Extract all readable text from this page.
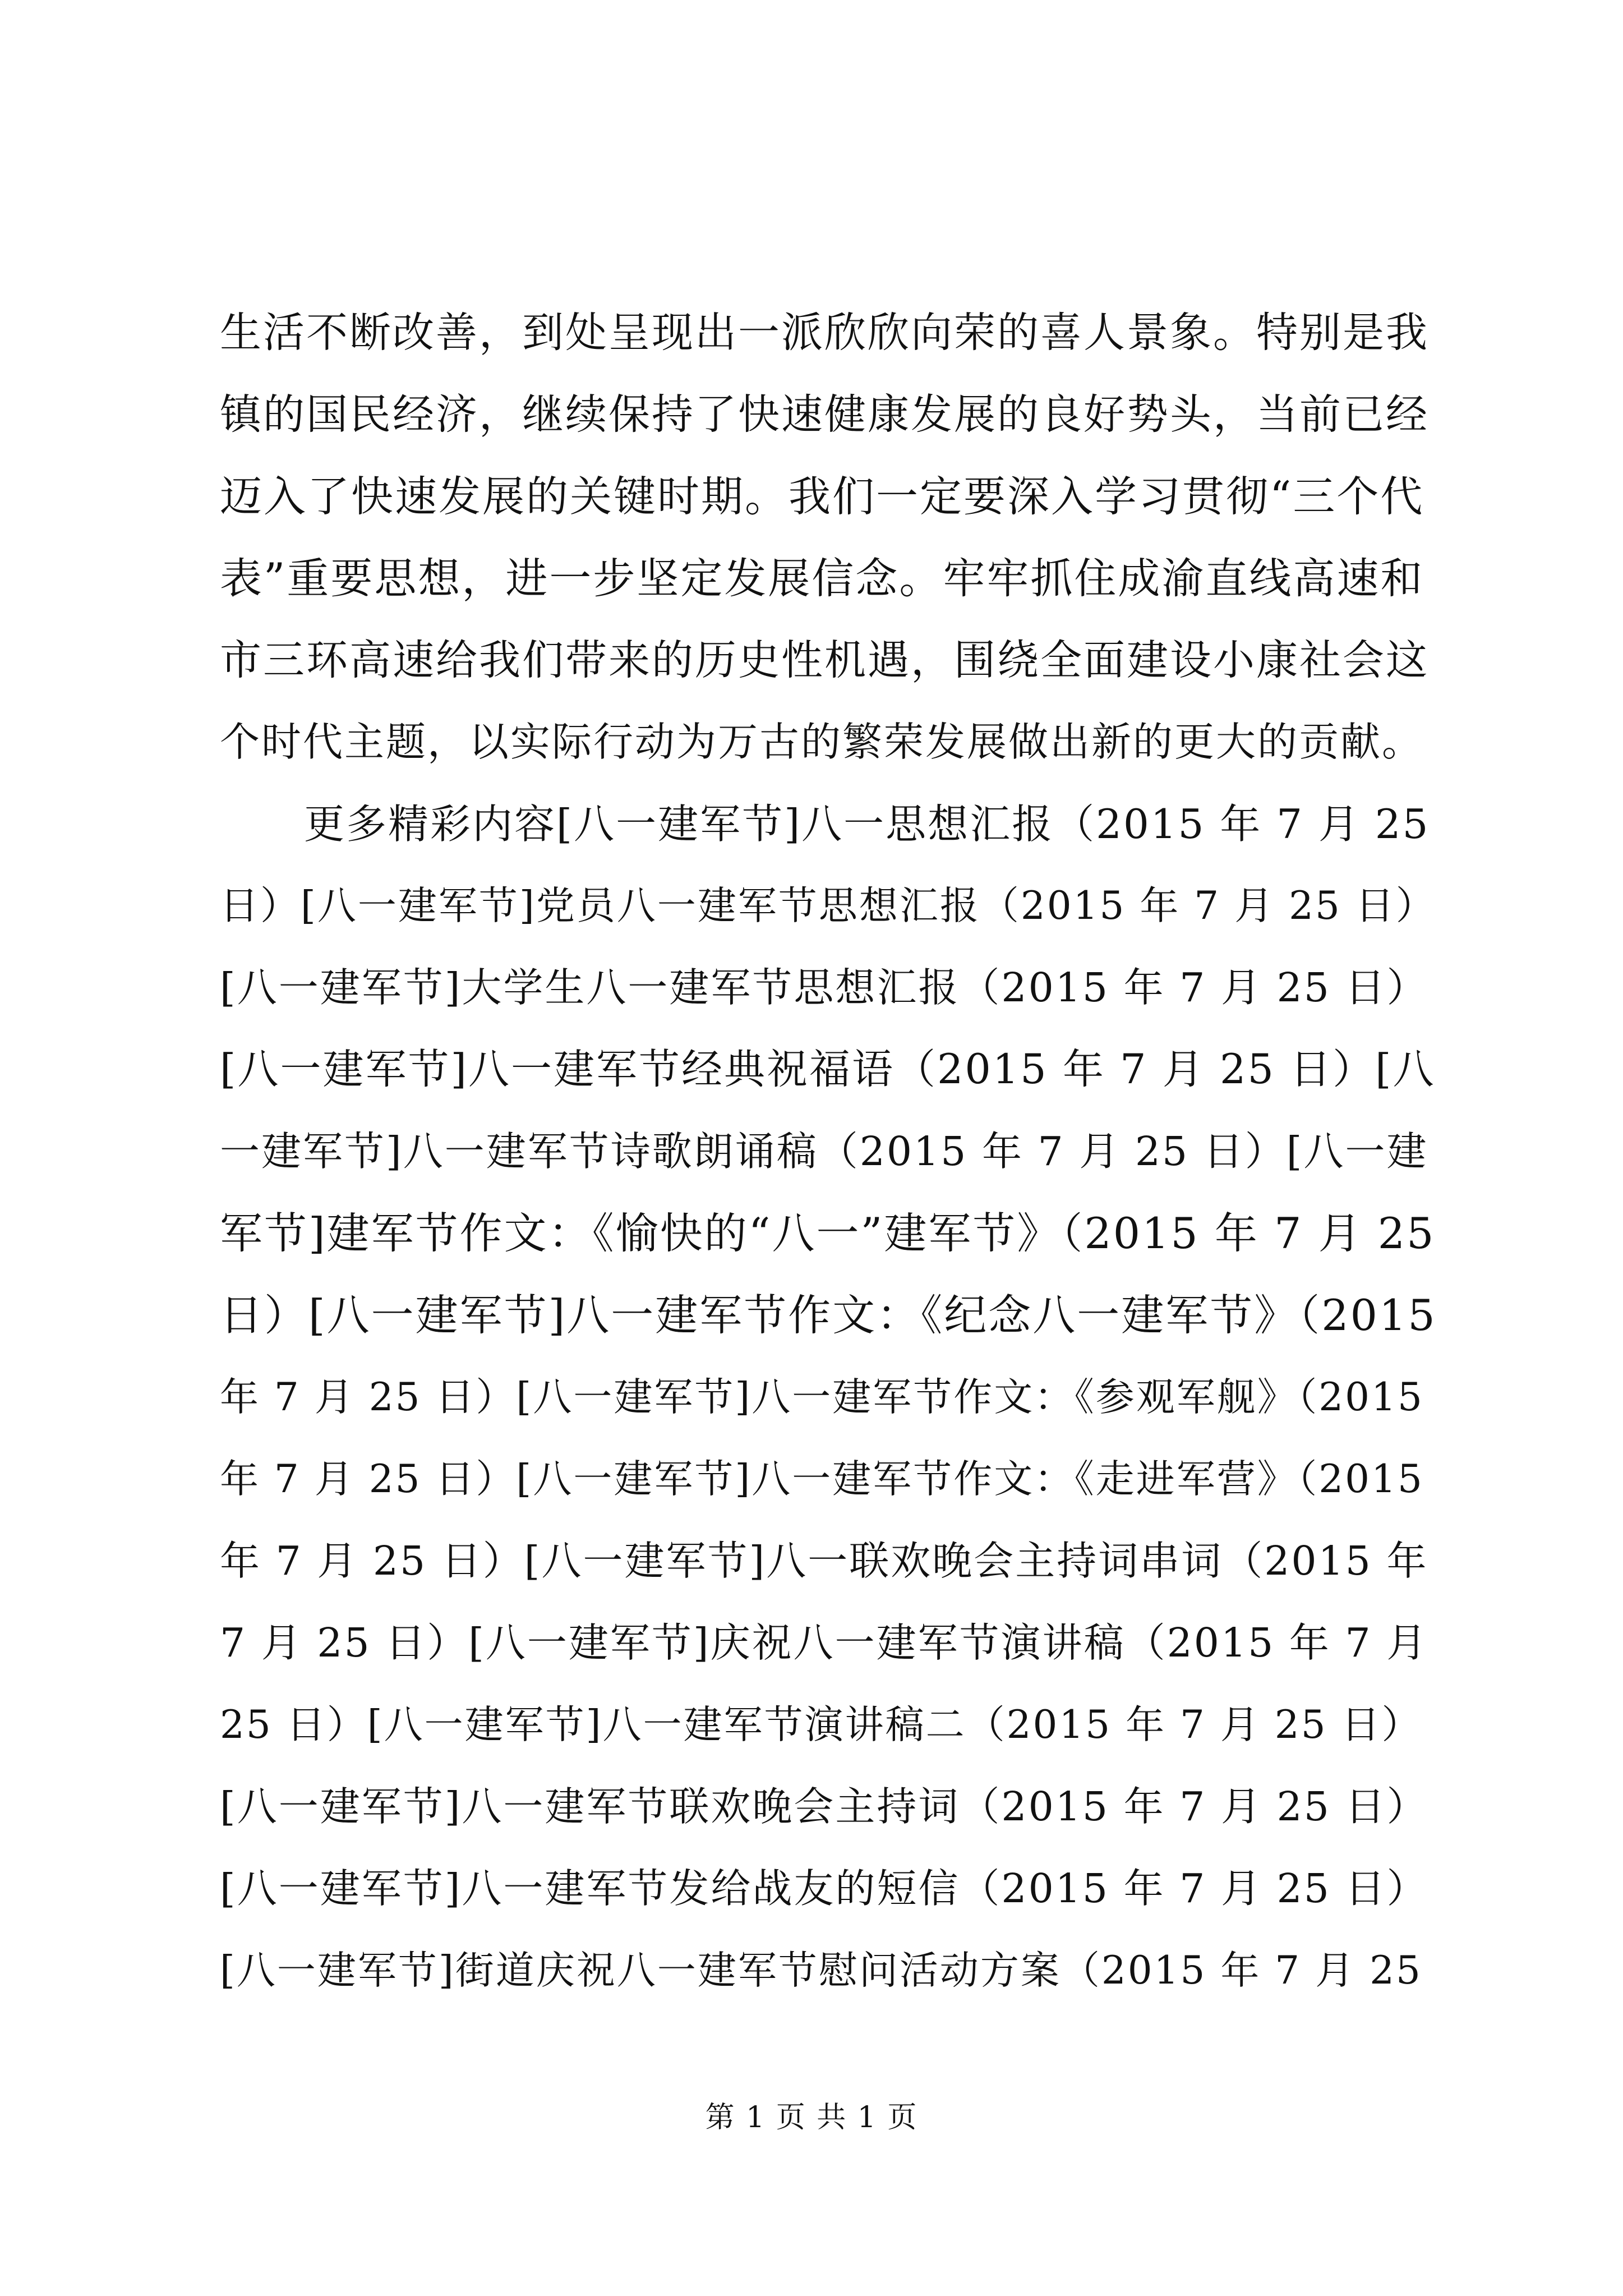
生活不断改善，到处呈现出一派欣欣向荣的喜人景象。特别是我
镇的国民经济，继续保持了快速健康发展的良好势头，当前已经
迈入了快速发展的关键时期。我们一定要深入学习贯彻“三个代
表”重要思想，进一步坚定发展信念。牢牢抓住成渝直线高速和
市三环高速给我们带来的历史性机遇，围绕全面建设小康社会这
个时代主题，以实际行动为万古的繁荣发展做出新的更大的贡献。
　　更多精彩内容[八一建军节]八一思想汇报（2015 年 7 月 25
日）[八一建军节]党员八一建军节思想汇报（2015 年 7 月 25 日）
[八一建军节]大学生八一建军节思想汇报（2015 年 7 月 25 日）
[八一建军节]八一建军节经典祝福语（2015 年 7 月 25 日）[八
一建军节]八一建军节诗歌朗诵稿（2015 年 7 月 25 日）[八一建
军节]建军节作文：《愉快的“八一”建军节》（2015 年 7 月 25
日）[八一建军节]八一建军节作文：《纪念八一建军节》（2015
年 7 月 25 日）[八一建军节]八一建军节作文：《参观军舰》（2015
年 7 月 25 日）[八一建军节]八一建军节作文：《走进军营》（2015
年 7 月 25 日）[八一建军节]八一联欢晚会主持词串词（2015 年
7 月 25 日）[八一建军节]庆祝八一建军节演讲稿（2015 年 7 月
25 日）[八一建军节]八一建军节演讲稿二（2015 年 7 月 25 日）
[八一建军节]八一建军节联欢晚会主持词（2015 年 7 月 25 日）
[八一建军节]八一建军节发给战友的短信（2015 年 7 月 25 日）
[八一建军节]街道庆祝八一建军节慰问活动方案（2015 年 7 月 25
第 1 页 共 1 页
